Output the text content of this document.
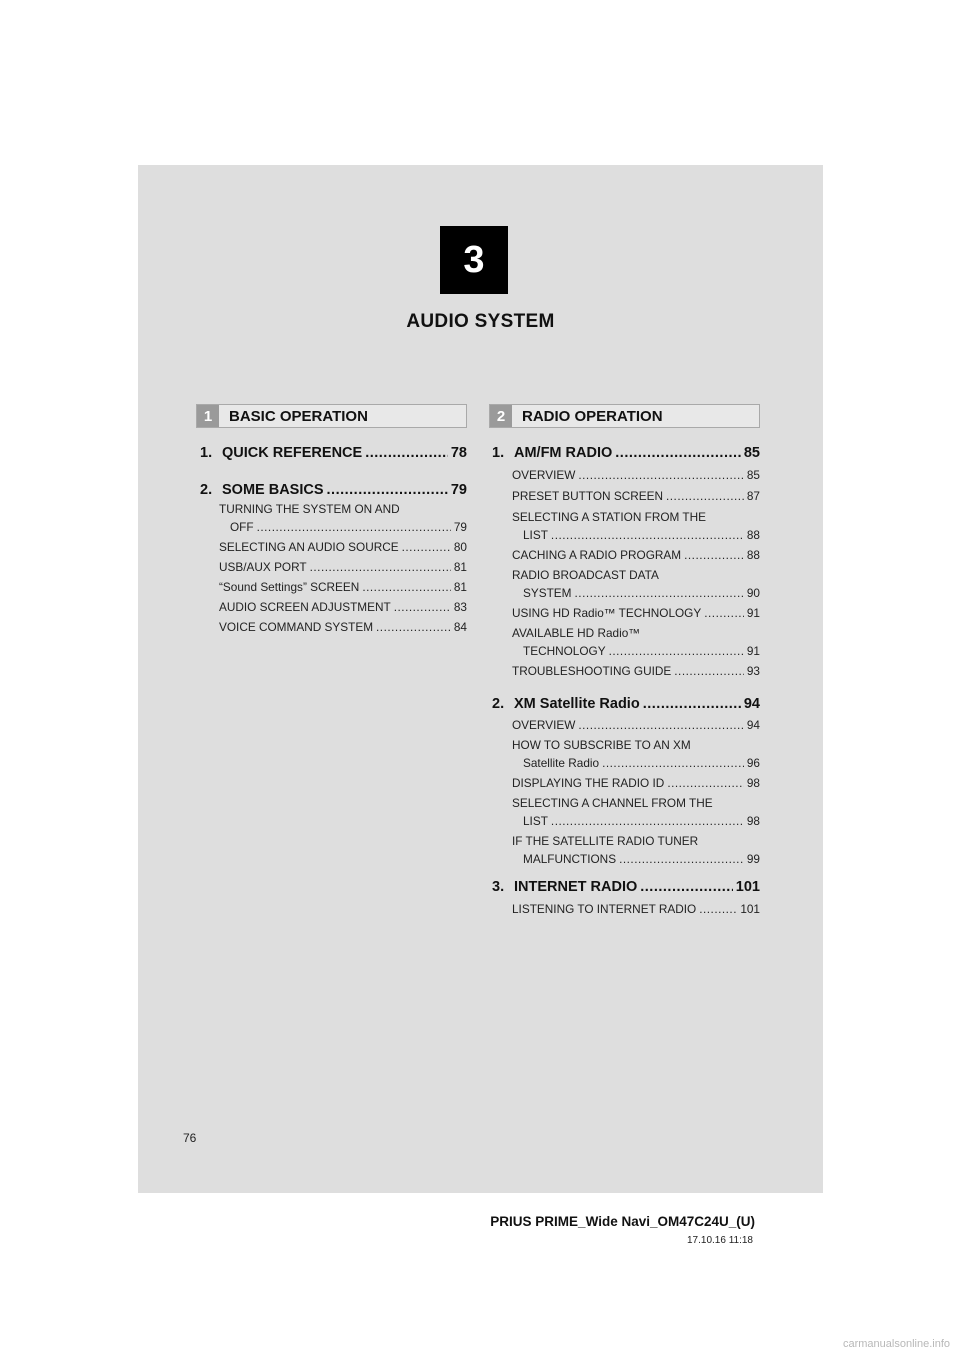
3
AUDIO SYSTEM
1	BASIC OPERATION	2	RADIO OPERATION
1. QUICK REFERENCE .....	78
2. SOME BASICS .....	79
TURNING THE SYSTEM ON AND
OFF .....	79
SELECTING AN AUDIO SOURCE .....	80
USB/AUX PORT .....	81
“Sound Settings” SCREEN .....	81
AUDIO SCREEN ADJUSTMENT .....	83
VOICE COMMAND SYSTEM .....	84
1. AM/FM RADIO .....	85
OVERVIEW .....	85
PRESET BUTTON SCREEN .....	87
SELECTING A STATION FROM THE
LIST .....	88
CACHING A RADIO PROGRAM .....	88
RADIO BROADCAST DATA
SYSTEM .....	90
USING HD Radio™ TECHNOLOGY .....	91
AVAILABLE HD Radio™
TECHNOLOGY .....	91
TROUBLESHOOTING GUIDE .....	93
2. XM Satellite Radio .....	94
OVERVIEW .....	94
HOW TO SUBSCRIBE TO AN XM
Satellite Radio .....	96
DISPLAYING THE RADIO ID .....	98
SELECTING A CHANNEL FROM THE
LIST .....	98
IF THE SATELLITE RADIO TUNER
MALFUNCTIONS .....	99
3. INTERNET RADIO .....	101
LISTENING TO INTERNET RADIO .....	101
76
PRIUS PRIME_Wide Navi_OM47C24U_(U)
17.10.16 11:18
carmanualsonline.info
